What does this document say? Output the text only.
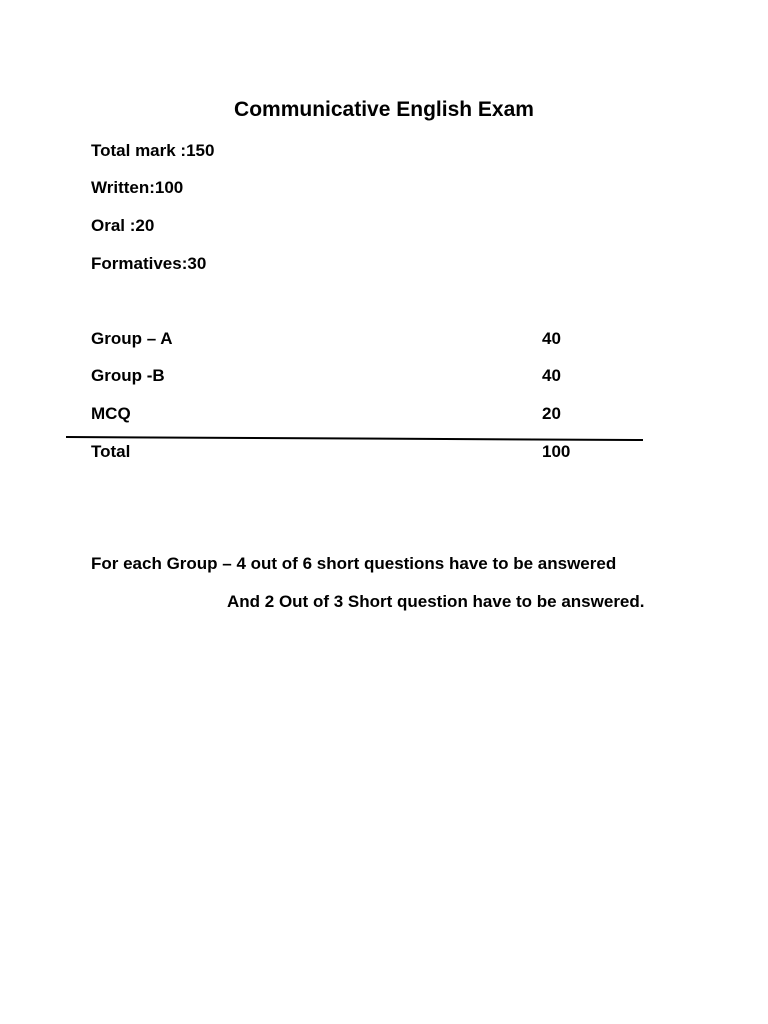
Communicative English Exam
Total mark :150
Written:100
Oral :20
Formatives:30
Group – A	40
Group -B	40
MCQ	20
Total	100
For each Group – 4 out of 6 short questions have to be answered
And 2 Out of 3 Short question have to be answered.
